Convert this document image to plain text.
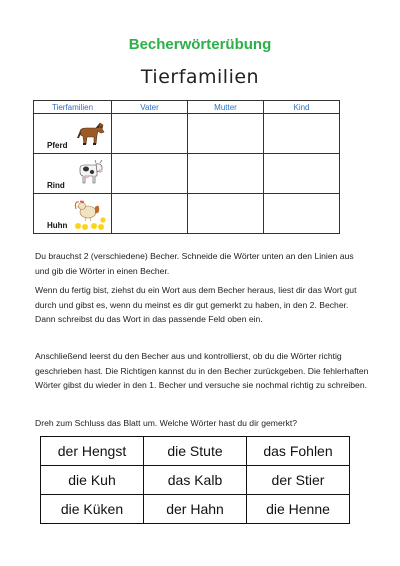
Becherwörterübung
Tierfamilien
Tierfamilien	Vater	Mutter	Kind

Pferd			

Rind			

Huhn			

Du brauchst 2 (verschiedene) Becher. Schneide die Wörter unten an den Linien aus und gib die Wörter in einen Becher.
Wenn du fertig bist, ziehst du ein Wort aus dem Becher heraus, liest dir das Wort gut durch und gibst es, wenn du meinst es dir gut gemerkt zu haben, in den 2. Becher. Dann schreibst du das Wort in das passende Feld oben ein.
Anschließend leerst du den Becher aus und kontrollierst, ob du die Wörter richtig geschrieben hast. Die Richtigen kannst du in den Becher zurückgeben. Die fehlerhaften Wörter gibst du wieder in den 1. Becher und versuche sie nochmal richtig zu schreiben.
Dreh zum Schluss das Blatt um. Welche Wörter hast du dir gemerkt?
der Hengst	die Stute	das Fohlen
die Kuh	das Kalb	der Stier
die Küken	der Hahn	die Henne
